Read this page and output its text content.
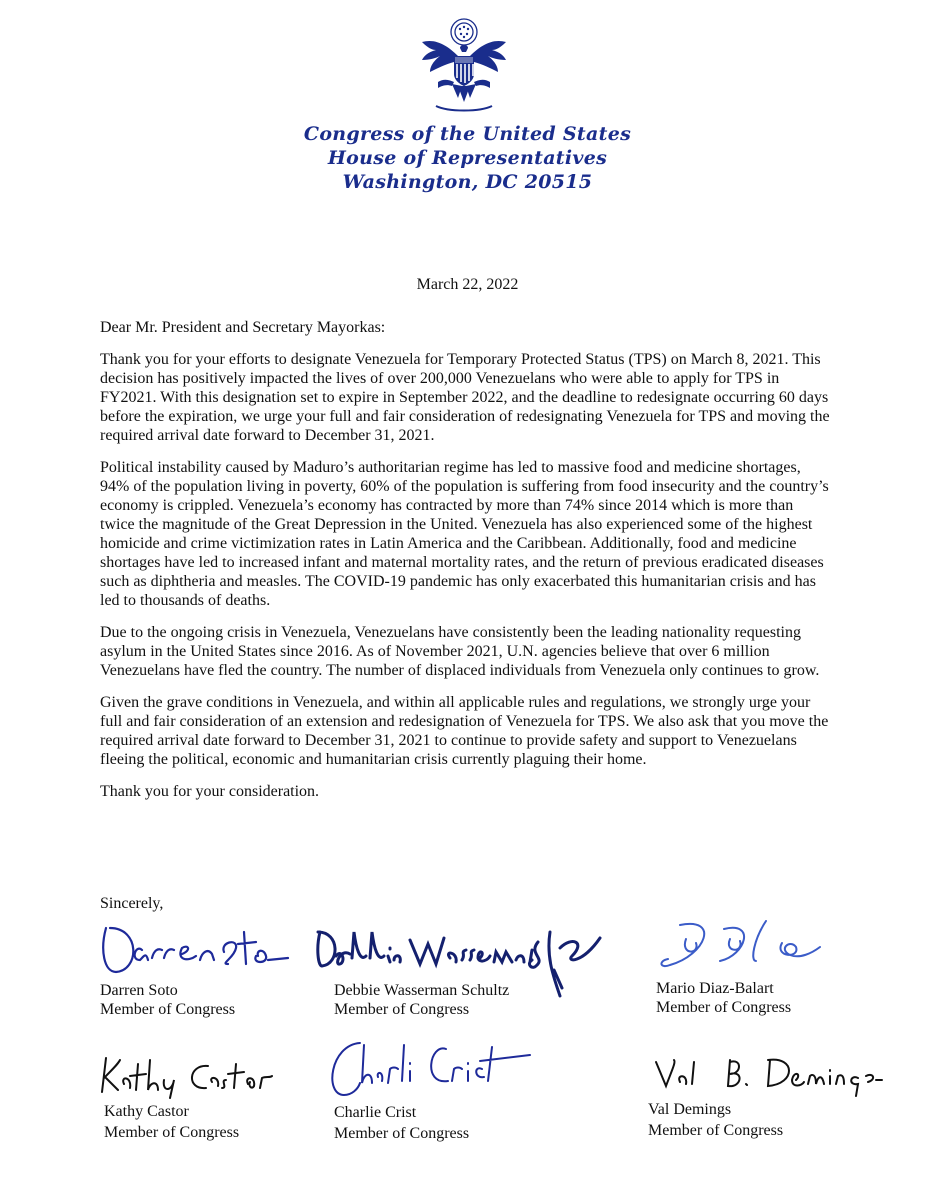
Congress of the United States
House of Representatives
Washington, DC 20515
March 22, 2022

Dear Mr. President and Secretary Mayorkas:

Thank you for your efforts to designate Venezuela for Temporary Protected Status (TPS) on March 8, 2021. This decision has positively impacted the lives of over 200,000 Venezuelans who were able to apply for TPS in FY2021. With this designation set to expire in September 2022, and the deadline to redesignate occurring 60 days before the expiration, we urge your full and fair consideration of redesignating Venezuela for TPS and moving the required arrival date forward to December 31, 2021.

Political instability caused by Maduro’s authoritarian regime has led to massive food and medicine shortages, 94% of the population living in poverty, 60% of the population is suffering from food insecurity and the country’s economy is crippled. Venezuela’s economy has contracted by more than 74% since 2014 which is more than twice the magnitude of the Great Depression in the United. Venezuela has also experienced some of the highest homicide and crime victimization rates in Latin America and the Caribbean. Additionally, food and medicine shortages have led to increased infant and maternal mortality rates, and the return of previous eradicated diseases such as diphtheria and measles. The COVID-19 pandemic has only exacerbated this humanitarian crisis and has led to thousands of deaths.

Due to the ongoing crisis in Venezuela, Venezuelans have consistently been the leading nationality requesting asylum in the United States since 2016. As of November 2021, U.N. agencies believe that over 6 million Venezuelans have fled the country. The number of displaced individuals from Venezuela only continues to grow.

Given the grave conditions in Venezuela, and within all applicable rules and regulations, we strongly urge your full and fair consideration of an extension and redesignation of Venezuela for TPS. We also ask that you move the required arrival date forward to December 31, 2021 to continue to provide safety and support to Venezuelans fleeing the political, economic and humanitarian crisis currently plaguing their home.

Thank you for your consideration.

Sincerely,
Darren Soto
Member of Congress
Debbie Wasserman Schultz
Member of Congress
Mario Diaz-Balart
Member of Congress
Kathy Castor
Member of Congress
Charlie Crist
Member of Congress
Val Demings
Member of Congress
